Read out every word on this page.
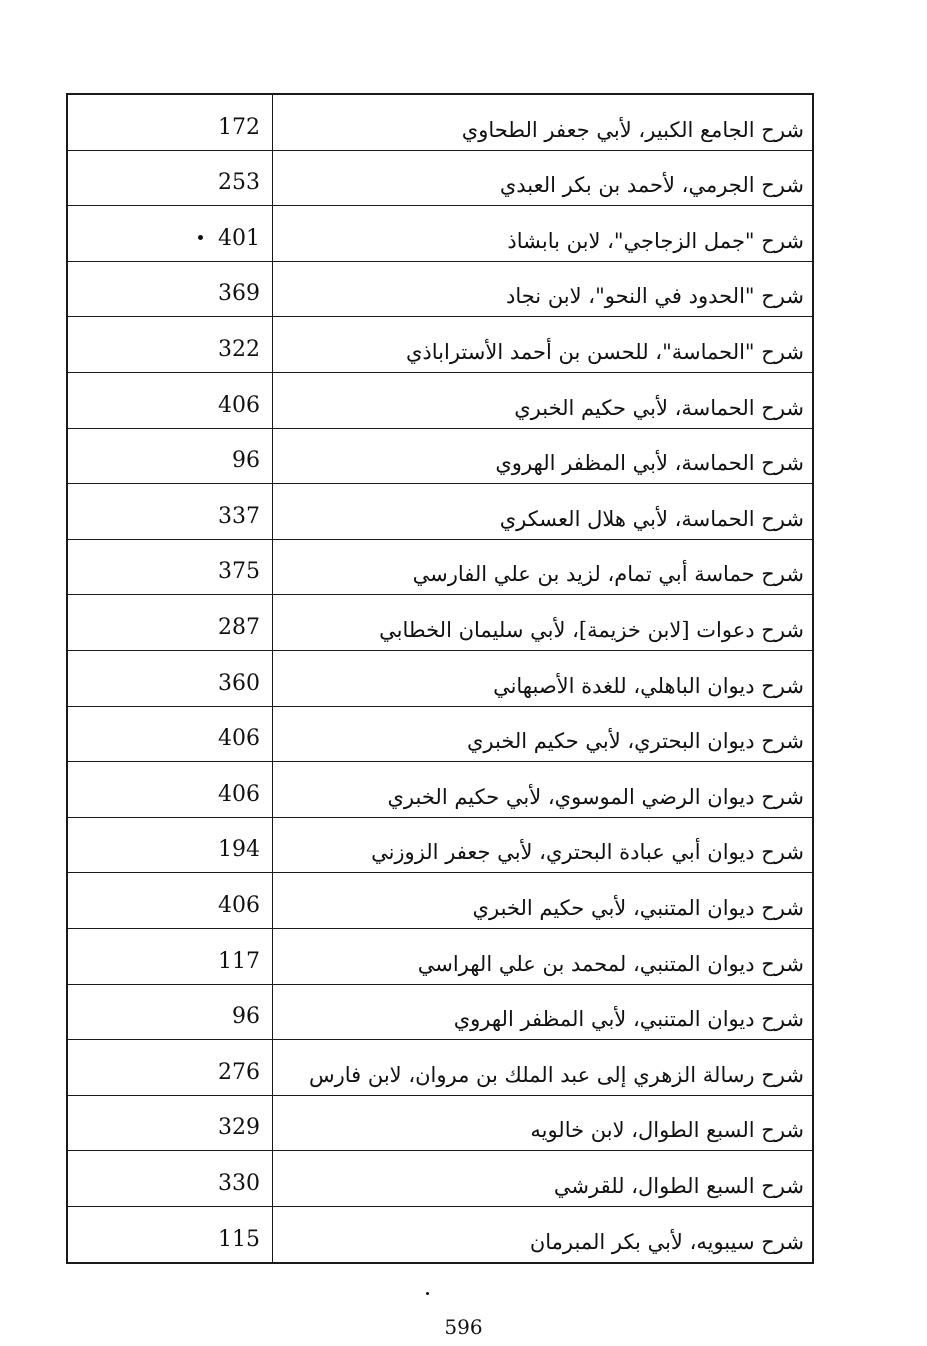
172	شرح الجامع الكبير، لأبي جعفر الطحاوي
253	شرح الجرمي، لأحمد بن بكر العبدي
401	شرح "جمل الزجاجي"، لابن بابشاذ
369	شرح "الحدود في النحو"، لابن نجاد
322	شرح "الحماسة"، للحسن بن أحمد الأستراباذي
406	شرح الحماسة، لأبي حكيم الخبري
96	شرح الحماسة، لأبي المظفر الهروي
337	شرح الحماسة، لأبي هلال العسكري
375	شرح حماسة أبي تمام، لزيد بن علي الفارسي
287	شرح دعوات [لابن خزيمة]، لأبي سليمان الخطابي
360	شرح ديوان الباهلي، للغدة الأصبهاني
406	شرح ديوان البحتري، لأبي حكيم الخبري
406	شرح ديوان الرضي الموسوي، لأبي حكيم الخبري
194	شرح ديوان أبي عبادة البحتري، لأبي جعفر الزوزني
406	شرح ديوان المتنبي، لأبي حكيم الخبري
117	شرح ديوان المتنبي، لمحمد بن علي الهراسي
96	شرح ديوان المتنبي، لأبي المظفر الهروي
276	شرح رسالة الزهري إلى عبد الملك بن مروان، لابن فارس
329	شرح السبع الطوال، لابن خالويه
330	شرح السبع الطوال، للقرشي
115	شرح سيبويه، لأبي بكر المبرمان
596
